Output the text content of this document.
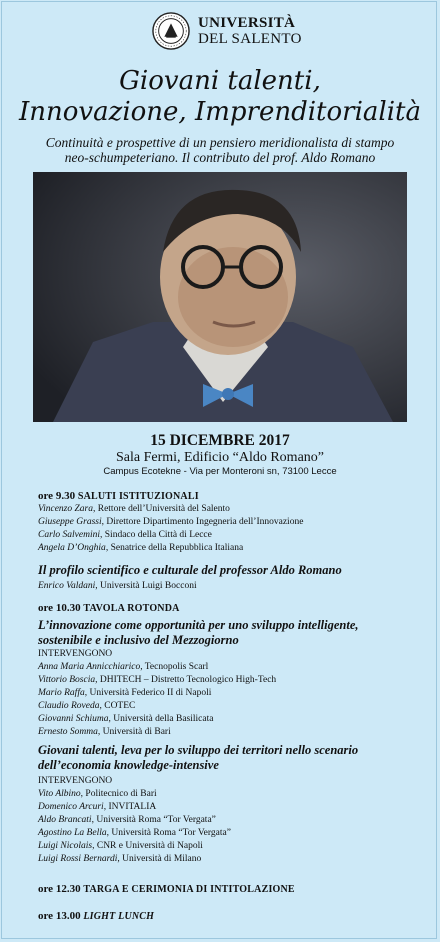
UNIVERSITÀ
DEL SALENTO
Giovani talenti,
Innovazione, Imprenditorialità
Continuità e prospettive di un pensiero meridionalista di stampo
neo-schumpeteriano. Il contributo del prof. Aldo Romano
15 DICEMBRE 2017
Sala Fermi, Edificio “Aldo Romano”
Campus Ecotekne - Via per Monteroni sn, 73100 Lecce
ore 9.30 SALUTI ISTITUZIONALI
Vincenzo Zara, Rettore dell’Università del Salento
Giuseppe Grassi, Direttore Dipartimento Ingegneria dell’Innovazione
Carlo Salvemini, Sindaco della Città di Lecce
Angela D’Onghia, Senatrice della Repubblica Italiana
Il profilo scientifico e culturale del professor Aldo Romano
Enrico Valdani, Università Luigi Bocconi
ore 10.30 TAVOLA ROTONDA
L’innovazione come opportunità per uno sviluppo intelligente,
sostenibile e inclusivo del Mezzogiorno
INTERVENGONO
Anna Maria Annicchiarico, Tecnopolis Scarl
Vittorio Boscia, DHITECH – Distretto Tecnologico High-Tech
Mario Raffa, Università Federico II di Napoli
Claudio Roveda, COTEC
Giovanni Schiuma, Università della Basilicata
Ernesto Somma, Università di Bari
Giovani talenti, leva per lo sviluppo dei territori nello scenario
dell’economia knowledge-intensive
INTERVENGONO
Vito Albino, Politecnico di Bari
Domenico Arcuri, INVITALIA
Aldo Brancati, Università Roma “Tor Vergata”
Agostino La Bella, Università Roma “Tor Vergata”
Luigi Nicolais, CNR e Università di Napoli
Luigi Rossi Bernardi, Università di Milano
ore 12.30 TARGA E CERIMONIA DI INTITOLAZIONE
ore 13.00 LIGHT LUNCH
